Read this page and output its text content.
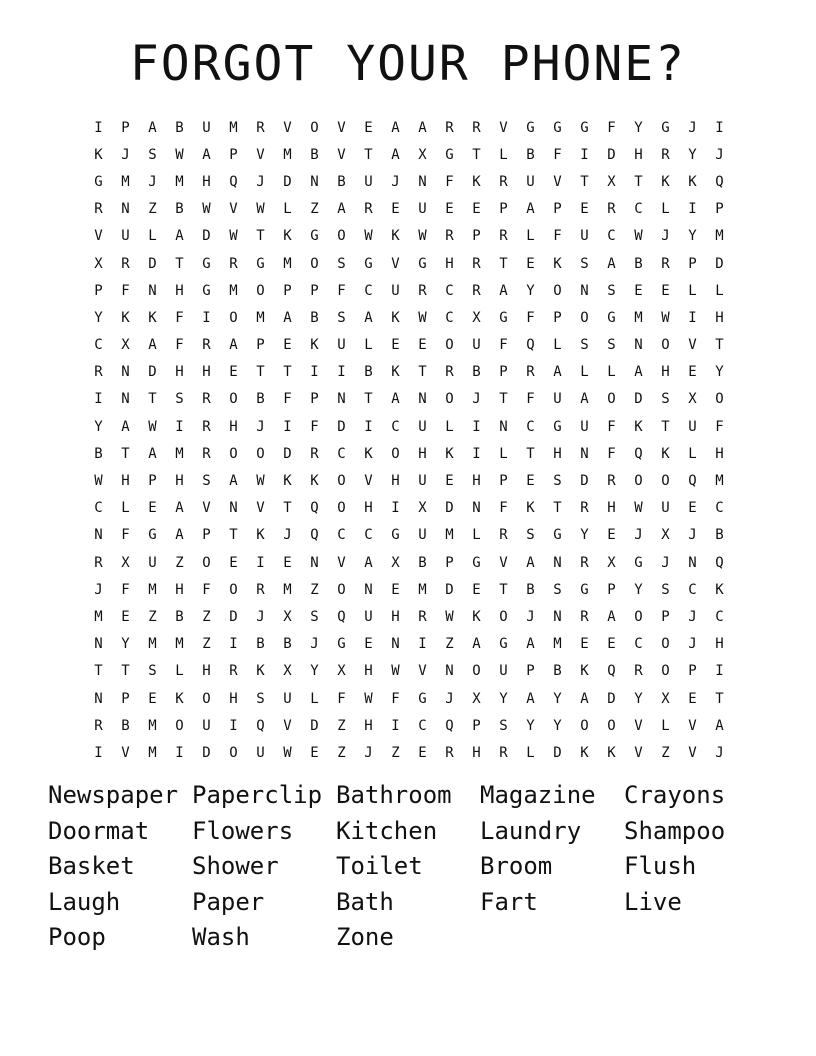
FORGOT YOUR PHONE?
I	P	A	B	U	M	R	V	O	V	E	A	A	R	R	V	G	G	G	F	Y	G	J	I
K	J	S	W	A	P	V	M	B	V	T	A	X	G	T	L	B	F	I	D	H	R	Y	J
G	M	J	M	H	Q	J	D	N	B	U	J	N	F	K	R	U	V	T	X	T	K	K	Q
R	N	Z	B	W	V	W	L	Z	A	R	E	U	E	E	P	A	P	E	R	C	L	I	P
V	U	L	A	D	W	T	K	G	O	W	K	W	R	P	R	L	F	U	C	W	J	Y	M
X	R	D	T	G	R	G	M	O	S	G	V	G	H	R	T	E	K	S	A	B	R	P	D
P	F	N	H	G	M	O	P	P	F	C	U	R	C	R	A	Y	O	N	S	E	E	L	L
Y	K	K	F	I	O	M	A	B	S	A	K	W	C	X	G	F	P	O	G	M	W	I	H
C	X	A	F	R	A	P	E	K	U	L	E	E	O	U	F	Q	L	S	S	N	O	V	T
R	N	D	H	H	E	T	T	I	I	B	K	T	R	B	P	R	A	L	L	A	H	E	Y
I	N	T	S	R	O	B	F	P	N	T	A	N	O	J	T	F	U	A	O	D	S	X	O
Y	A	W	I	R	H	J	I	F	D	I	C	U	L	I	N	C	G	U	F	K	T	U	F
B	T	A	M	R	O	O	D	R	C	K	O	H	K	I	L	T	H	N	F	Q	K	L	H
W	H	P	H	S	A	W	K	K	O	V	H	U	E	H	P	E	S	D	R	O	O	Q	M
C	L	E	A	V	N	V	T	Q	O	H	I	X	D	N	F	K	T	R	H	W	U	E	C
N	F	G	A	P	T	K	J	Q	C	C	G	U	M	L	R	S	G	Y	E	J	X	J	B
R	X	U	Z	O	E	I	E	N	V	A	X	B	P	G	V	A	N	R	X	G	J	N	Q
J	F	M	H	F	O	R	M	Z	O	N	E	M	D	E	T	B	S	G	P	Y	S	C	K
M	E	Z	B	Z	D	J	X	S	Q	U	H	R	W	K	O	J	N	R	A	O	P	J	C
N	Y	M	M	Z	I	B	B	J	G	E	N	I	Z	A	G	A	M	E	E	C	O	J	H
T	T	S	L	H	R	K	X	Y	X	H	W	V	N	O	U	P	B	K	Q	R	O	P	I
N	P	E	K	O	H	S	U	L	F	W	F	G	J	X	Y	A	Y	A	D	Y	X	E	T
R	B	M	O	U	I	Q	V	D	Z	H	I	C	Q	P	S	Y	Y	O	O	V	L	V	A
I	V	M	I	D	O	U	W	E	Z	J	Z	E	R	H	R	L	D	K	K	V	Z	V	J
Newspaper Paperclip Bathroom	Magazine	Crayons
Doormat	Flowers	Kitchen	Laundry	Shampoo
Basket	Shower	Toilet	Broom	Flush
Laugh	Paper	Bath	Fart	Live
Poop	Wash	Zone
